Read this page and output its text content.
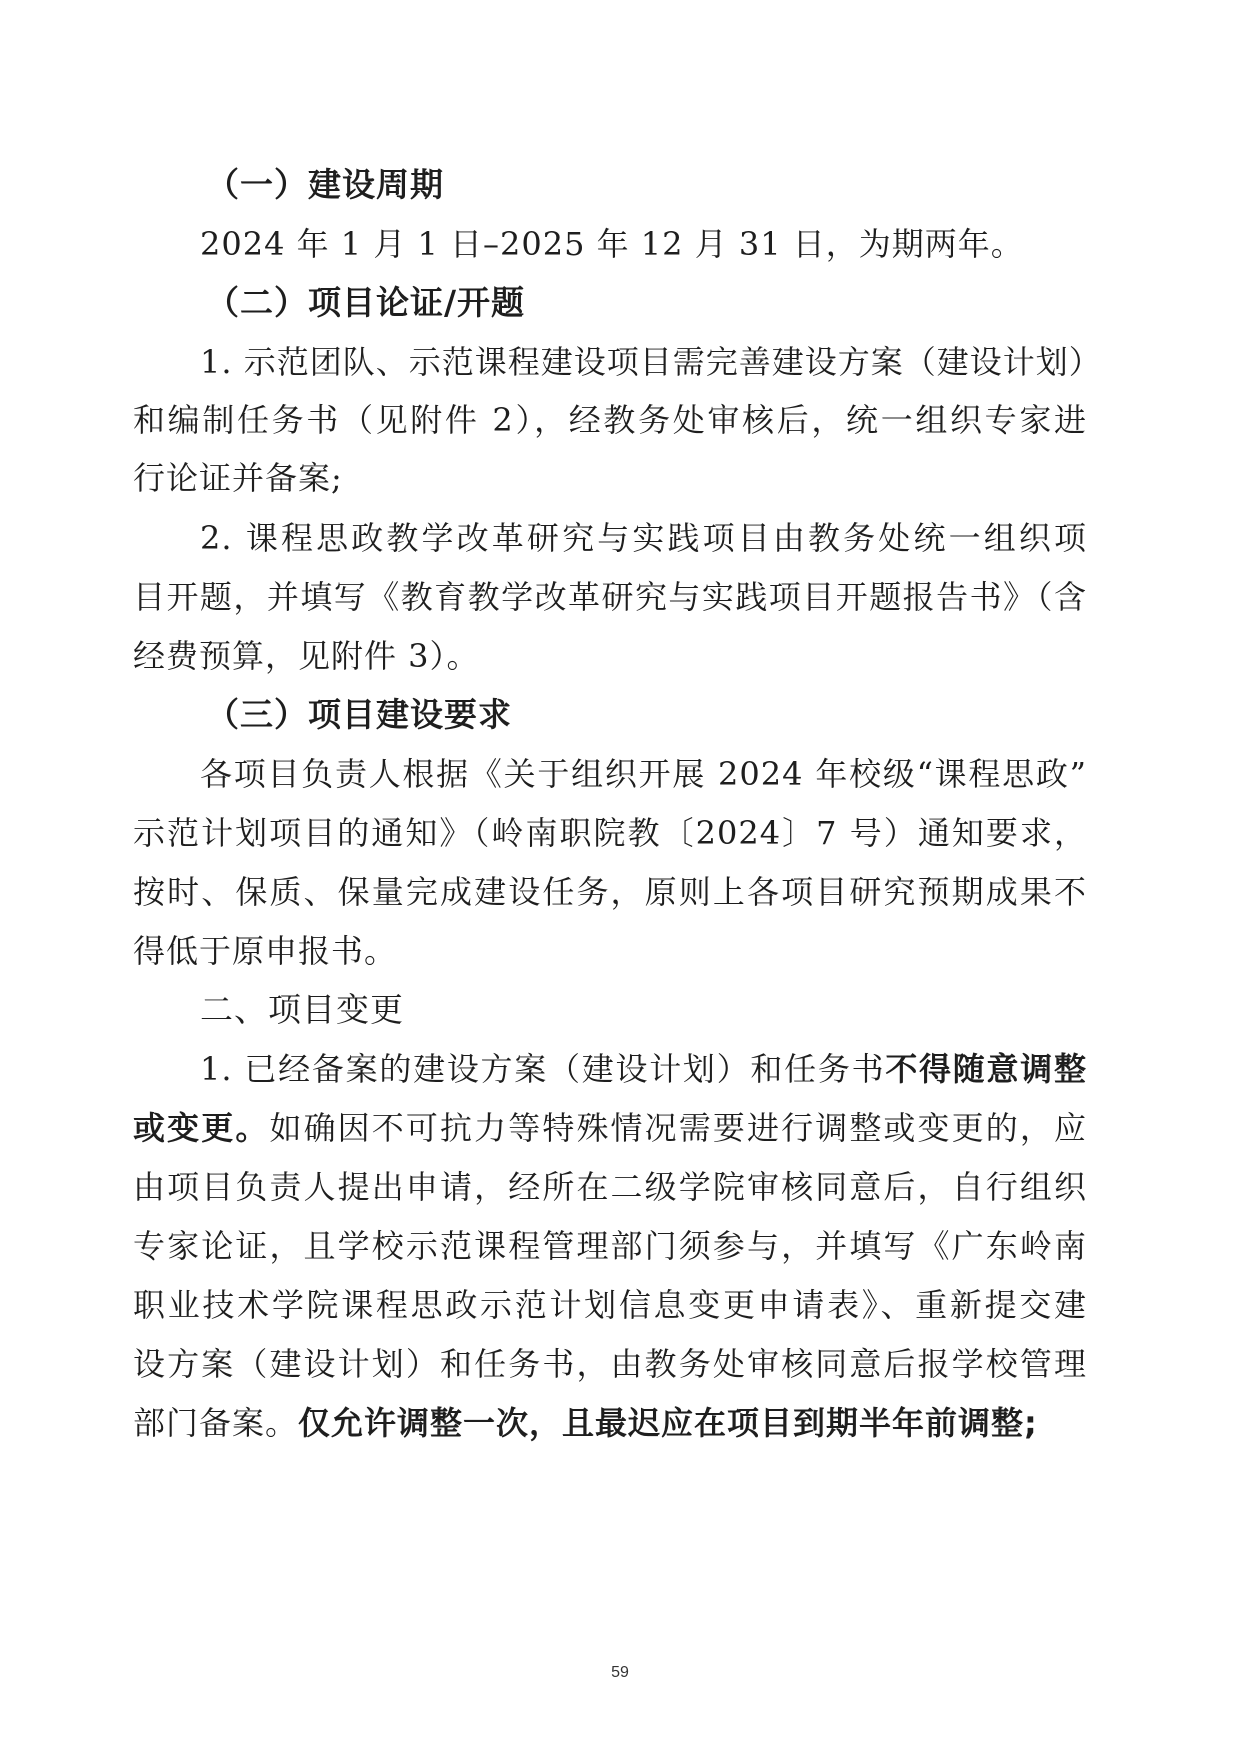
（一）建设周期

2024 年 1 月 1 日–2025 年 12 月 31 日，为期两年。

（二）项目论证/开题

1. 示范团队、示范课程建设项目需完善建设方案（建设计划）

和编制任务书（见附件 2），经教务处审核后，统一组织专家进

行论证并备案;

2. 课程思政教学改革研究与实践项目由教务处统一组织项

目开题，并填写《教育教学改革研究与实践项目开题报告书》（含

经费预算，见附件 3）。

（三）项目建设要求

各项目负责人根据《关于组织开展 2024 年校级“课程思政”

示范计划项目的通知》（岭南职院教〔2024〕7 号）通知要求，

按时、保质、保量完成建设任务，原则上各项目研究预期成果不

得低于原申报书。

二、项目变更

1. 已经备案的建设方案（建设计划）和任务书不得随意调整

或变更。如确因不可抗力等特殊情况需要进行调整或变更的，应

由项目负责人提出申请，经所在二级学院审核同意后，自行组织

专家论证，且学校示范课程管理部门须参与，并填写《广东岭南

职业技术学院课程思政示范计划信息变更申请表》、重新提交建

设方案（建设计划）和任务书，由教务处审核同意后报学校管理

部门备案。仅允许调整一次，且最迟应在项目到期半年前调整;

59
